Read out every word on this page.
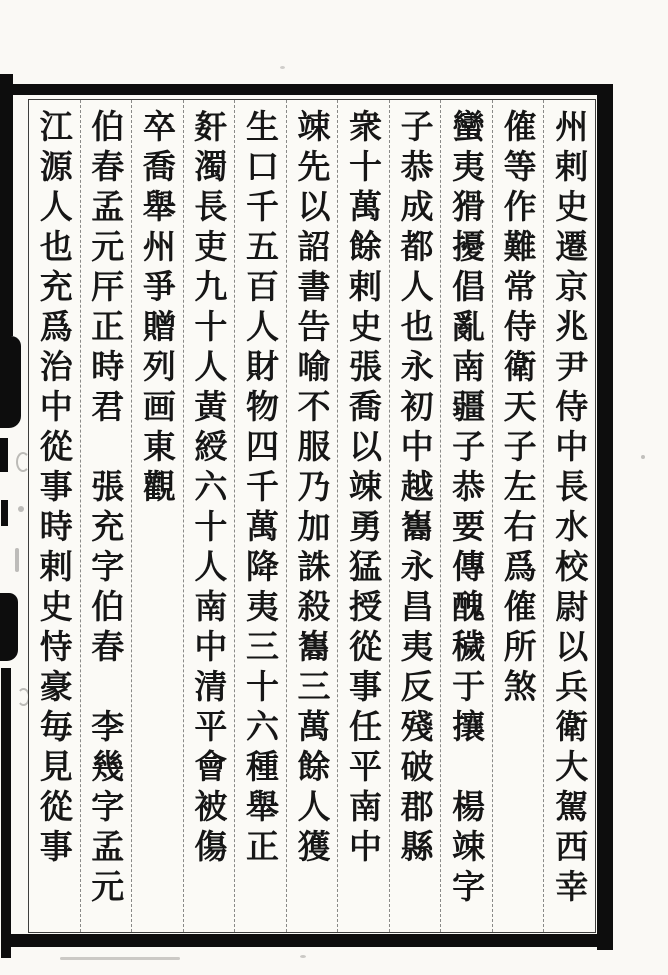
州剌史遷京兆尹侍中長水校尉以兵衛大駕西幸
傕等作難常侍衛天子左右爲傕所煞
蠻夷猾擾倡亂南疆子恭要傳醜穢于攘　楊竦字
子恭成都人也永初中越雟永昌夷反殘破郡縣
衆十萬餘剌史張喬以竦勇猛授從事任平南中
竦先以詔書告喻不服乃加誅殺雟三萬餘人獲
生口千五百人財物四千萬降夷三十六種舉正
姧濁長吏九十人黃綬六十人南中清平會被傷
卒喬舉州爭贈列画東觀
伯春孟元厈正時君　張充字伯春　李幾字孟元
江源人也充爲治中從事時剌史恃豪毎見從事
